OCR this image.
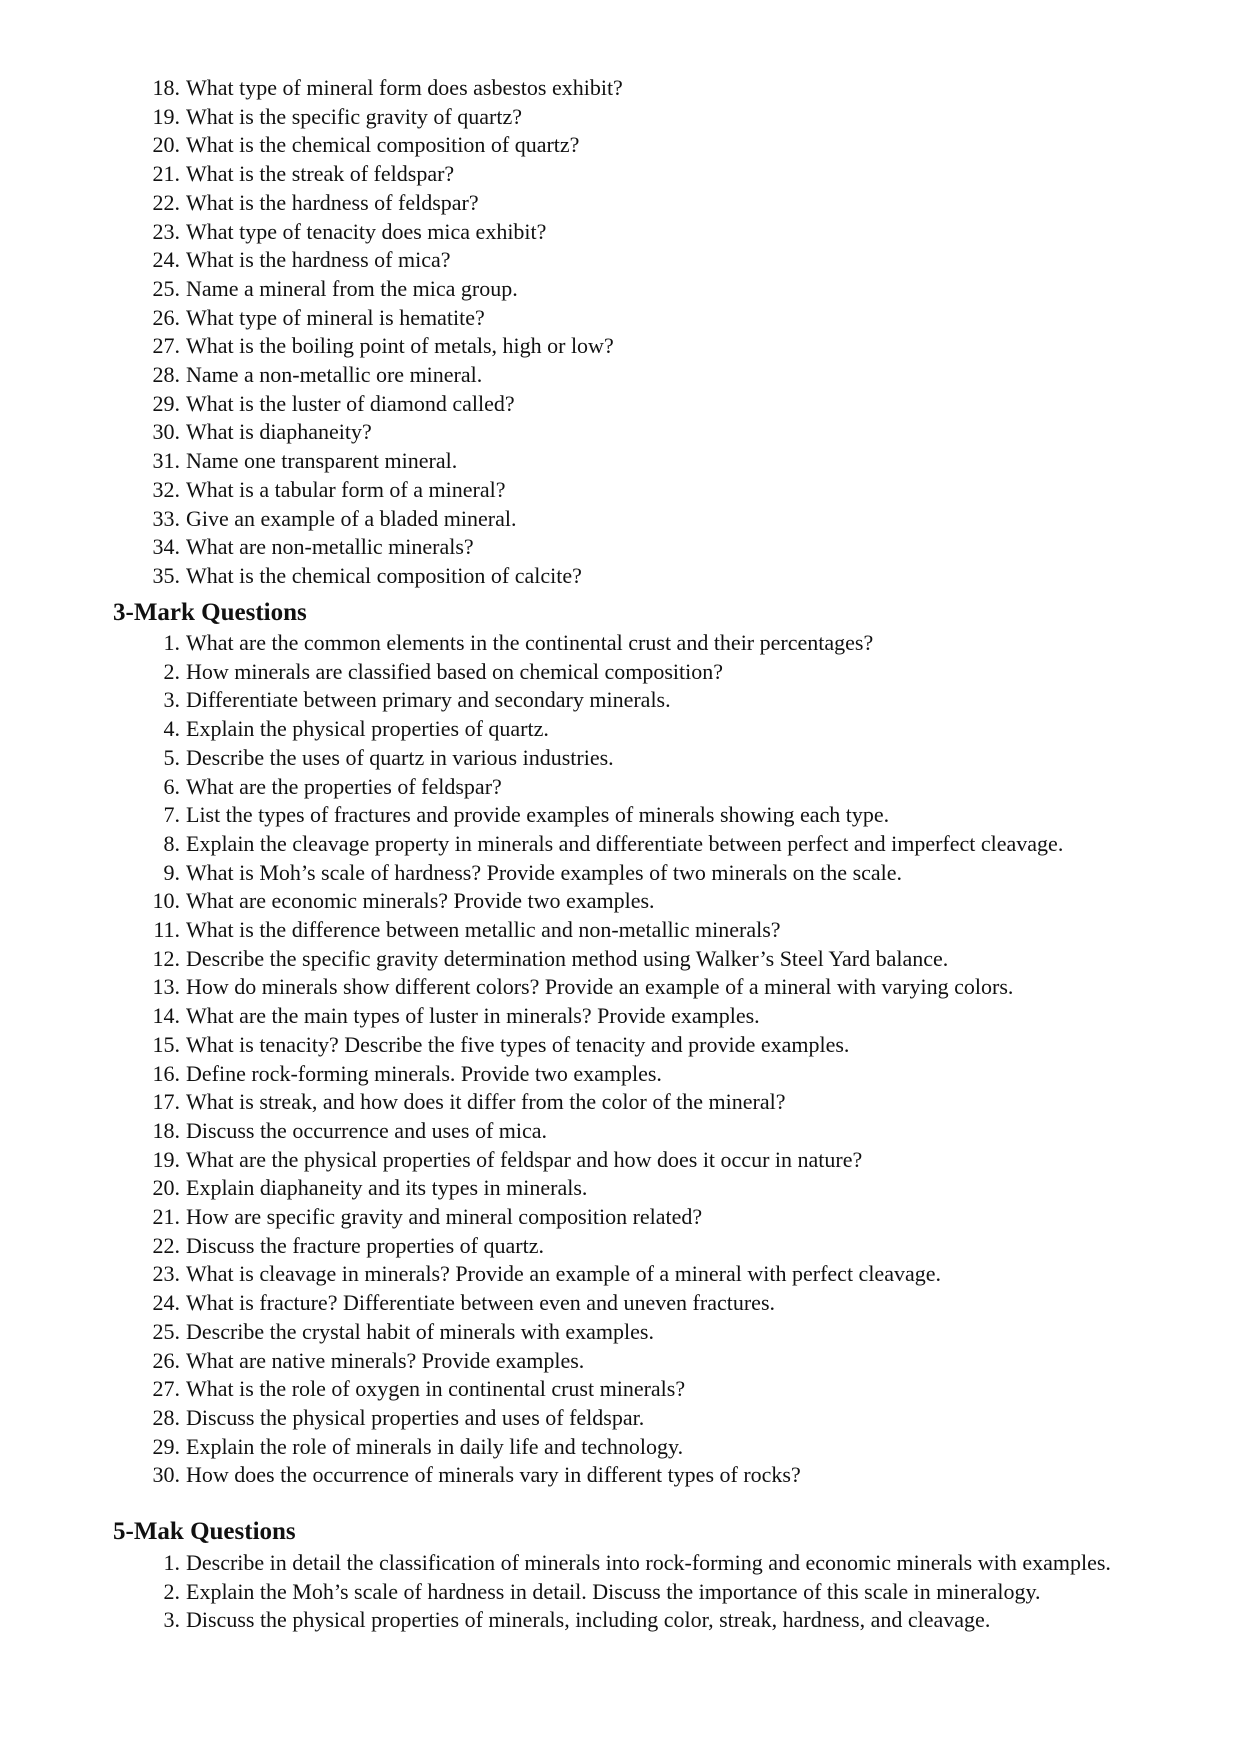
18. What type of mineral form does asbestos exhibit?
19. What is the specific gravity of quartz?
20. What is the chemical composition of quartz?
21. What is the streak of feldspar?
22. What is the hardness of feldspar?
23. What type of tenacity does mica exhibit?
24. What is the hardness of mica?
25. Name a mineral from the mica group.
26. What type of mineral is hematite?
27. What is the boiling point of metals, high or low?
28. Name a non-metallic ore mineral.
29. What is the luster of diamond called?
30. What is diaphaneity?
31. Name one transparent mineral.
32. What is a tabular form of a mineral?
33. Give an example of a bladed mineral.
34. What are non-metallic minerals?
35. What is the chemical composition of calcite?
3-Mark Questions
1. What are the common elements in the continental crust and their percentages?
2. How minerals are classified based on chemical composition?
3. Differentiate between primary and secondary minerals.
4. Explain the physical properties of quartz.
5. Describe the uses of quartz in various industries.
6. What are the properties of feldspar?
7. List the types of fractures and provide examples of minerals showing each type.
8. Explain the cleavage property in minerals and differentiate between perfect and imperfect cleavage.
9. What is Moh’s scale of hardness? Provide examples of two minerals on the scale.
10. What are economic minerals? Provide two examples.
11. What is the difference between metallic and non-metallic minerals?
12. Describe the specific gravity determination method using Walker’s Steel Yard balance.
13. How do minerals show different colors? Provide an example of a mineral with varying colors.
14. What are the main types of luster in minerals? Provide examples.
15. What is tenacity? Describe the five types of tenacity and provide examples.
16. Define rock-forming minerals. Provide two examples.
17. What is streak, and how does it differ from the color of the mineral?
18. Discuss the occurrence and uses of mica.
19. What are the physical properties of feldspar and how does it occur in nature?
20. Explain diaphaneity and its types in minerals.
21. How are specific gravity and mineral composition related?
22. Discuss the fracture properties of quartz.
23. What is cleavage in minerals? Provide an example of a mineral with perfect cleavage.
24. What is fracture? Differentiate between even and uneven fractures.
25. Describe the crystal habit of minerals with examples.
26. What are native minerals? Provide examples.
27. What is the role of oxygen in continental crust minerals?
28. Discuss the physical properties and uses of feldspar.
29. Explain the role of minerals in daily life and technology.
30. How does the occurrence of minerals vary in different types of rocks?
5-Mak Questions
1. Describe in detail the classification of minerals into rock-forming and economic minerals with examples.
2. Explain the Moh’s scale of hardness in detail. Discuss the importance of this scale in mineralogy.
3. Discuss the physical properties of minerals, including color, streak, hardness, and cleavage.
